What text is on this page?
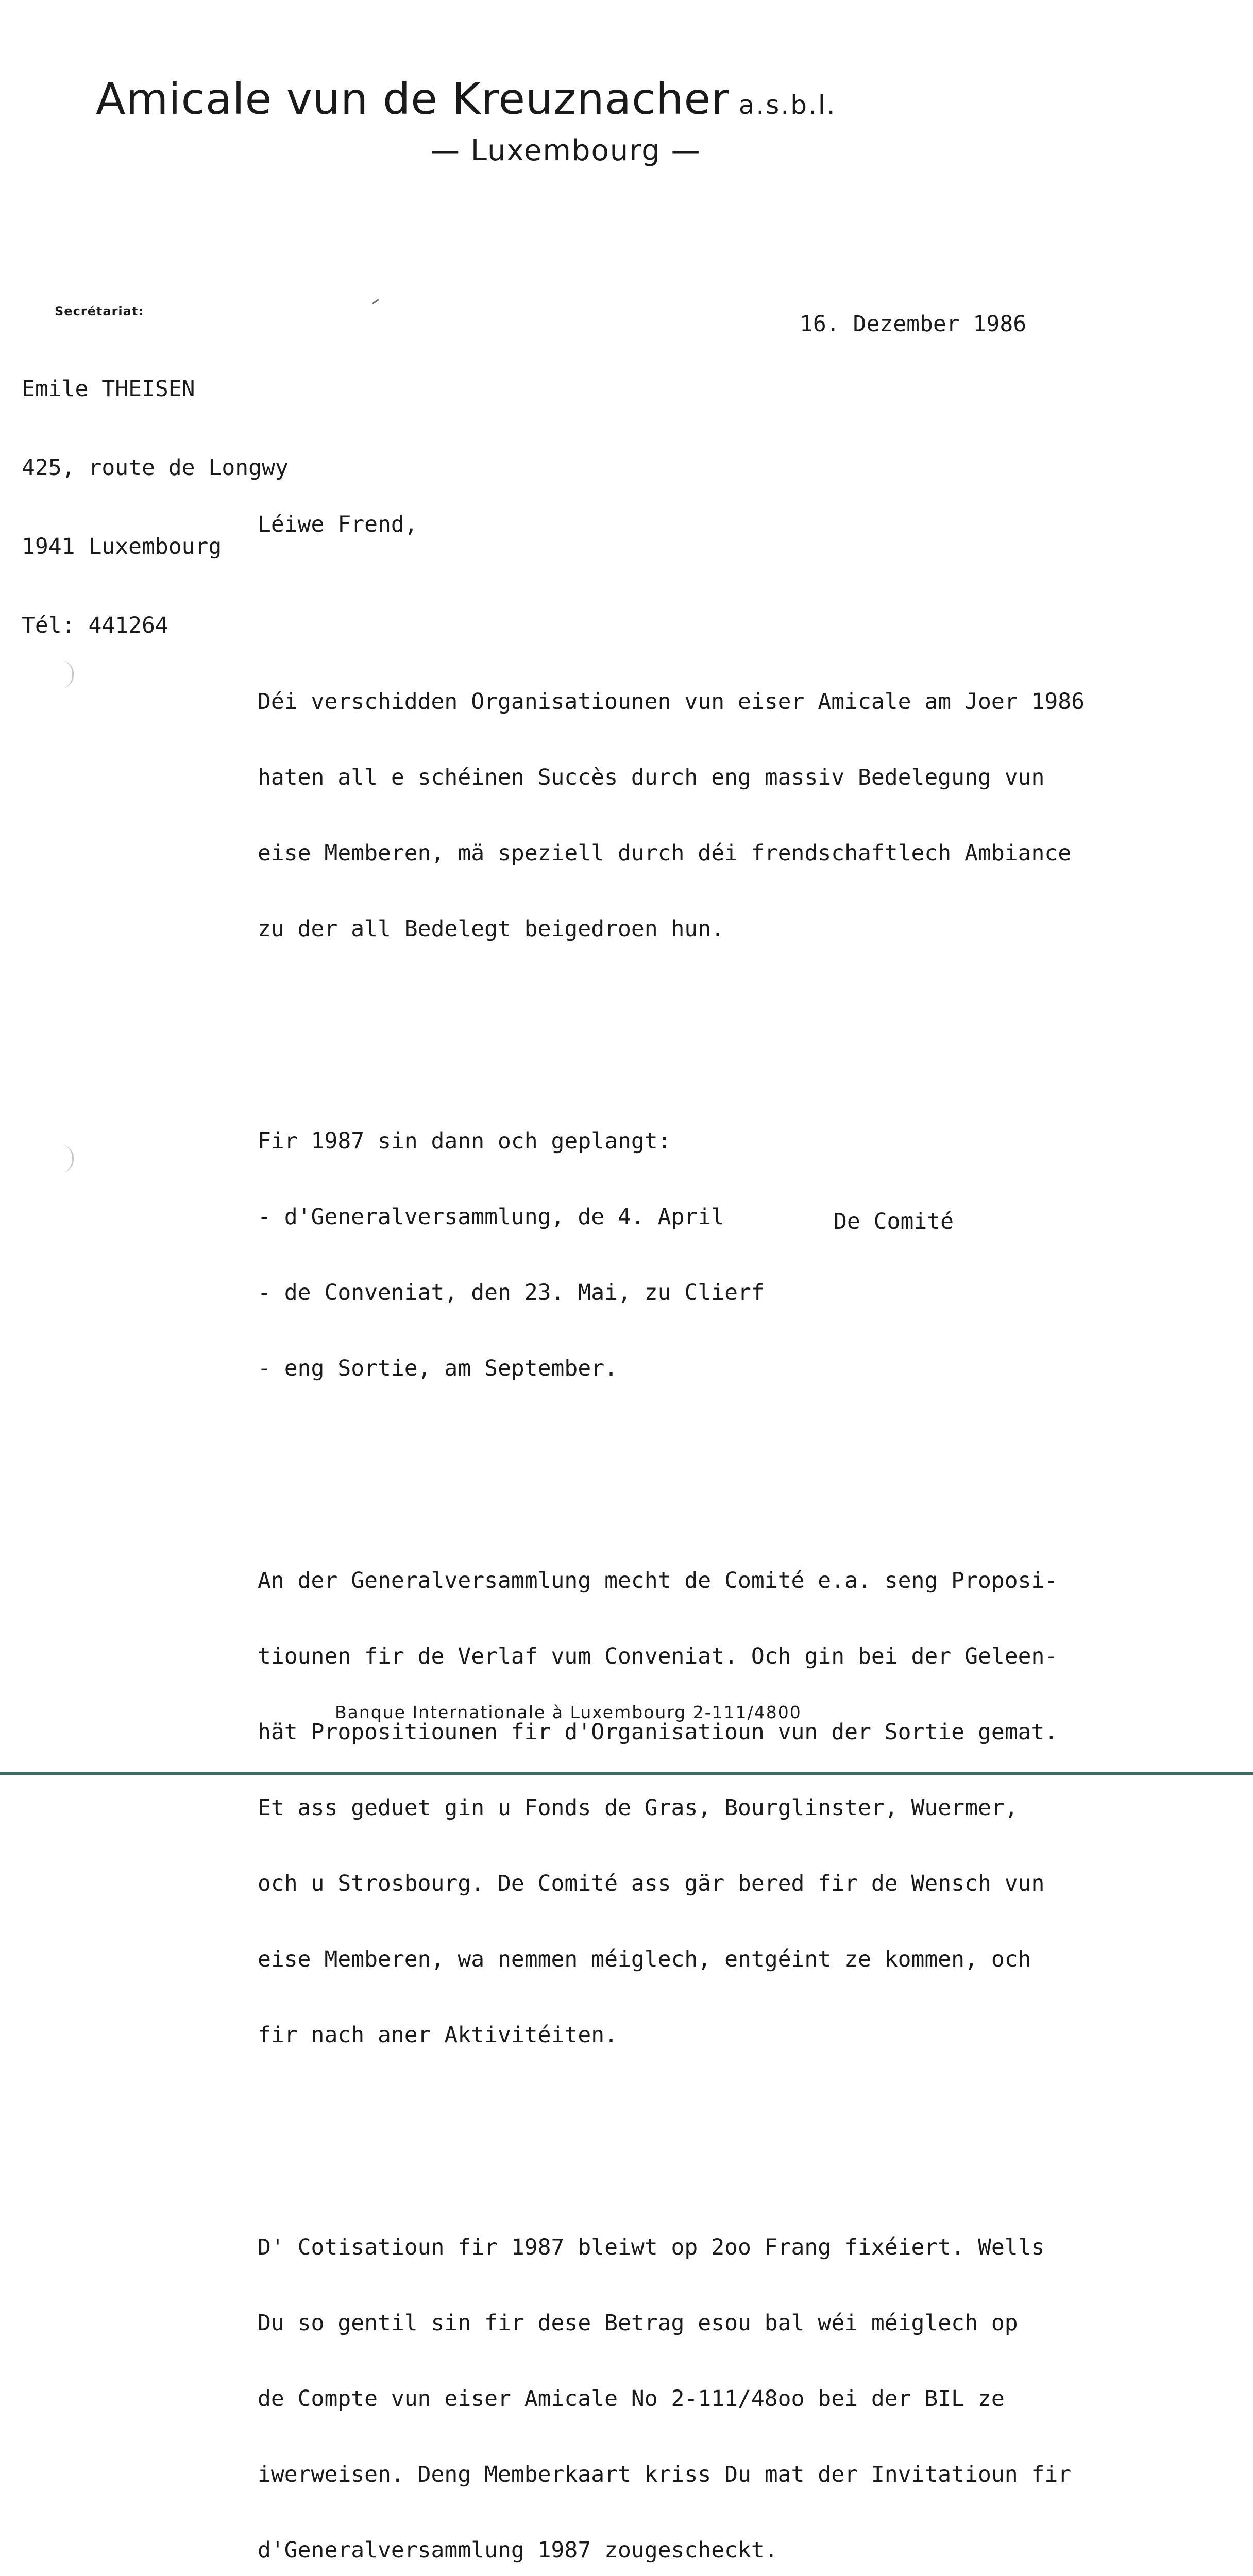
Amicale vun de Kreuznacher a.s.b.l.
— Luxembourg —
Secrétariat:

Emile THEISEN

425, route de Longwy

1941 Luxembourg

Tél: 441264

16. Dezember 1986

Léiwe Frend,

Déi verschidden Organisatiounen vun eiser Amicale am Joer 1986

haten all e schéinen Succès durch eng massiv Bedelegung vun

eise Memberen, mä speziell durch déi frendschaftlech Ambiance

zu der all Bedelegt beigedroen hun.

Fir 1987 sin dann och geplangt:

- d'Generalversammlung, de 4. April

- de Conveniat, den 23. Mai, zu Clierf

- eng Sortie, am September.

An der Generalversammlung mecht de Comité e.a. seng Proposi-

tiounen fir de Verlaf vum Conveniat. Och gin bei der Geleen-

hät Propositiounen fir d'Organisatioun vun der Sortie gemat.

Et ass geduet gin u Fonds de Gras, Bourglinster, Wuermer,

och u Strosbourg. De Comité ass gär bered fir de Wensch vun

eise Memberen, wa nemmen méiglech, entgéint ze kommen, och

fir nach aner Aktivitéiten.

D' Cotisatioun fir 1987 bleiwt op 2oo Frang fixéiert. Wells

Du so gentil sin fir dese Betrag esou bal wéi méiglech op

de Compte vun eiser Amicale No 2-111/48oo bei der BIL ze

iwerweisen. Deng Memberkaart kriss Du mat der Invitatioun fir

d'Generalversammlung 1987 zougescheckt.

De Comité
Banque Internationale à Luxembourg 2-111/4800
